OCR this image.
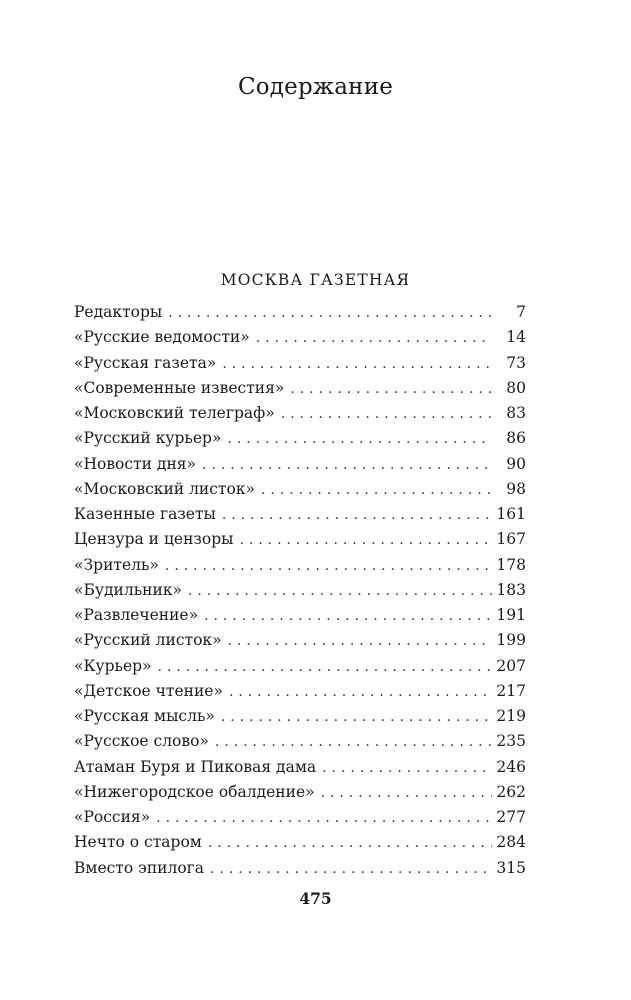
Содержание
МОСКВА ГАЗЕТНАЯ
Редакторы . . .	7
«Русские ведомости» . . .	14
«Русская газета» . . .	73
«Современные известия» . . .	80
«Московский телеграф» . . .	83
«Русский курьер» . . .	86
«Новости дня» . . .	90
«Московский листок» . . .	98
Казенные газеты . . .	161
Цензура и цензоры . . .	167
«Зритель» . . .	178
«Будильник» . . .	183
«Развлечение» . . .	191
«Русский листок» . . .	199
«Курьер» . . .	207
«Детское чтение» . . .	217
«Русская мысль» . . .	219
«Русское слово» . . .	235
Атаман Буря и Пиковая дама . . .	246
«Нижегородское обалдение» . . .	262
«Россия» . . .	277
Нечто о старом . . .	284
Вместо эпилога . . .	315
475
